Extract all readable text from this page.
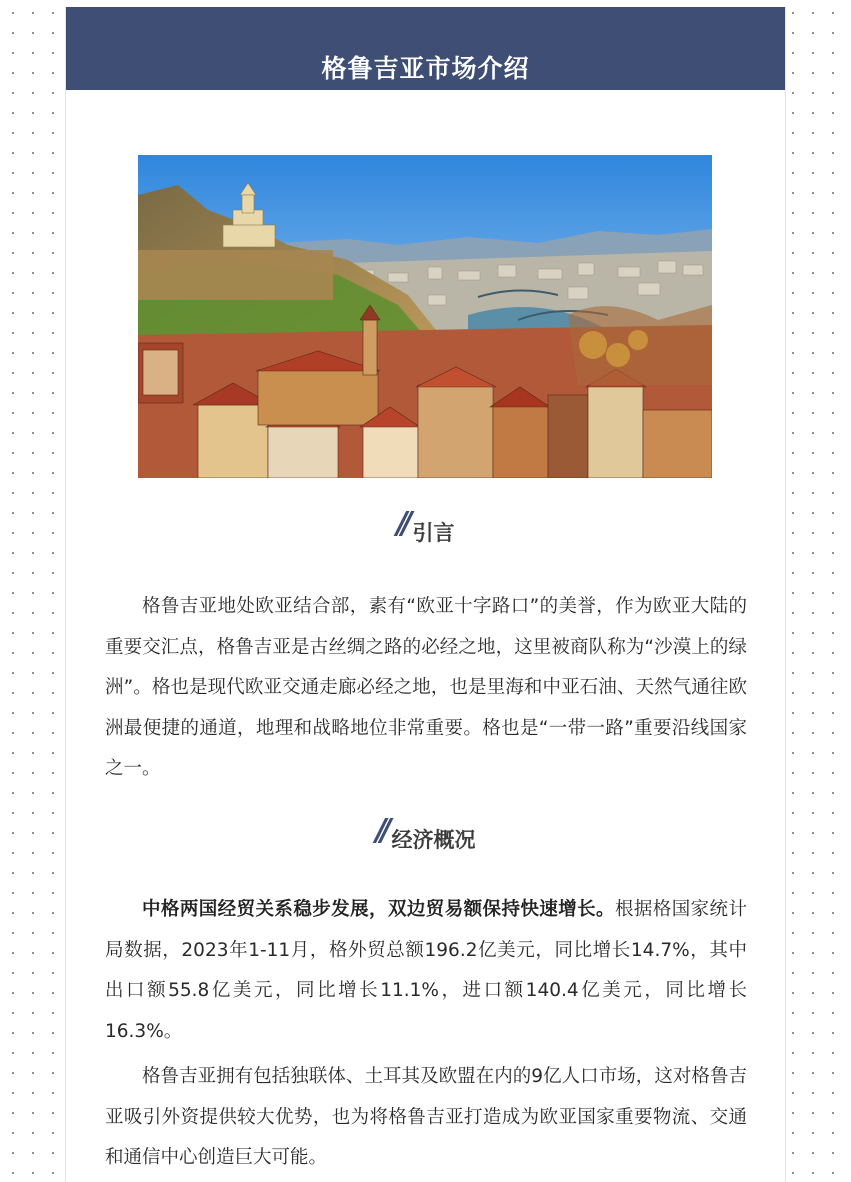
格鲁吉亚市场介绍
// 引言

格鲁吉亚地处欧亚结合部，素有“欧亚十字路口”的美誉，作为欧亚大陆的重要交汇点，格鲁吉亚是古丝绸之路的必经之地，这里被商队称为“沙漠上的绿洲”。格也是现代欧亚交通走廊必经之地，也是里海和中亚石油、天然气通往欧洲最便捷的通道，地理和战略地位非常重要。格也是“一带一路”重要沿线国家之一。

// 经济概况

中格两国经贸关系稳步发展，双边贸易额保持快速增长。根据格国家统计局数据，2023年1-11月，格外贸总额196.2亿美元，同比增长14.7%，其中出口额55.8亿美元，同比增长11.1%，进口额140.4亿美元，同比增长16.3%。

格鲁吉亚拥有包括独联体、土耳其及欧盟在内的9亿人口市场，这对格鲁吉亚吸引外资提供较大优势，也为将格鲁吉亚打造成为欧亚国家重要物流、交通和通信中心创造巨大可能。
